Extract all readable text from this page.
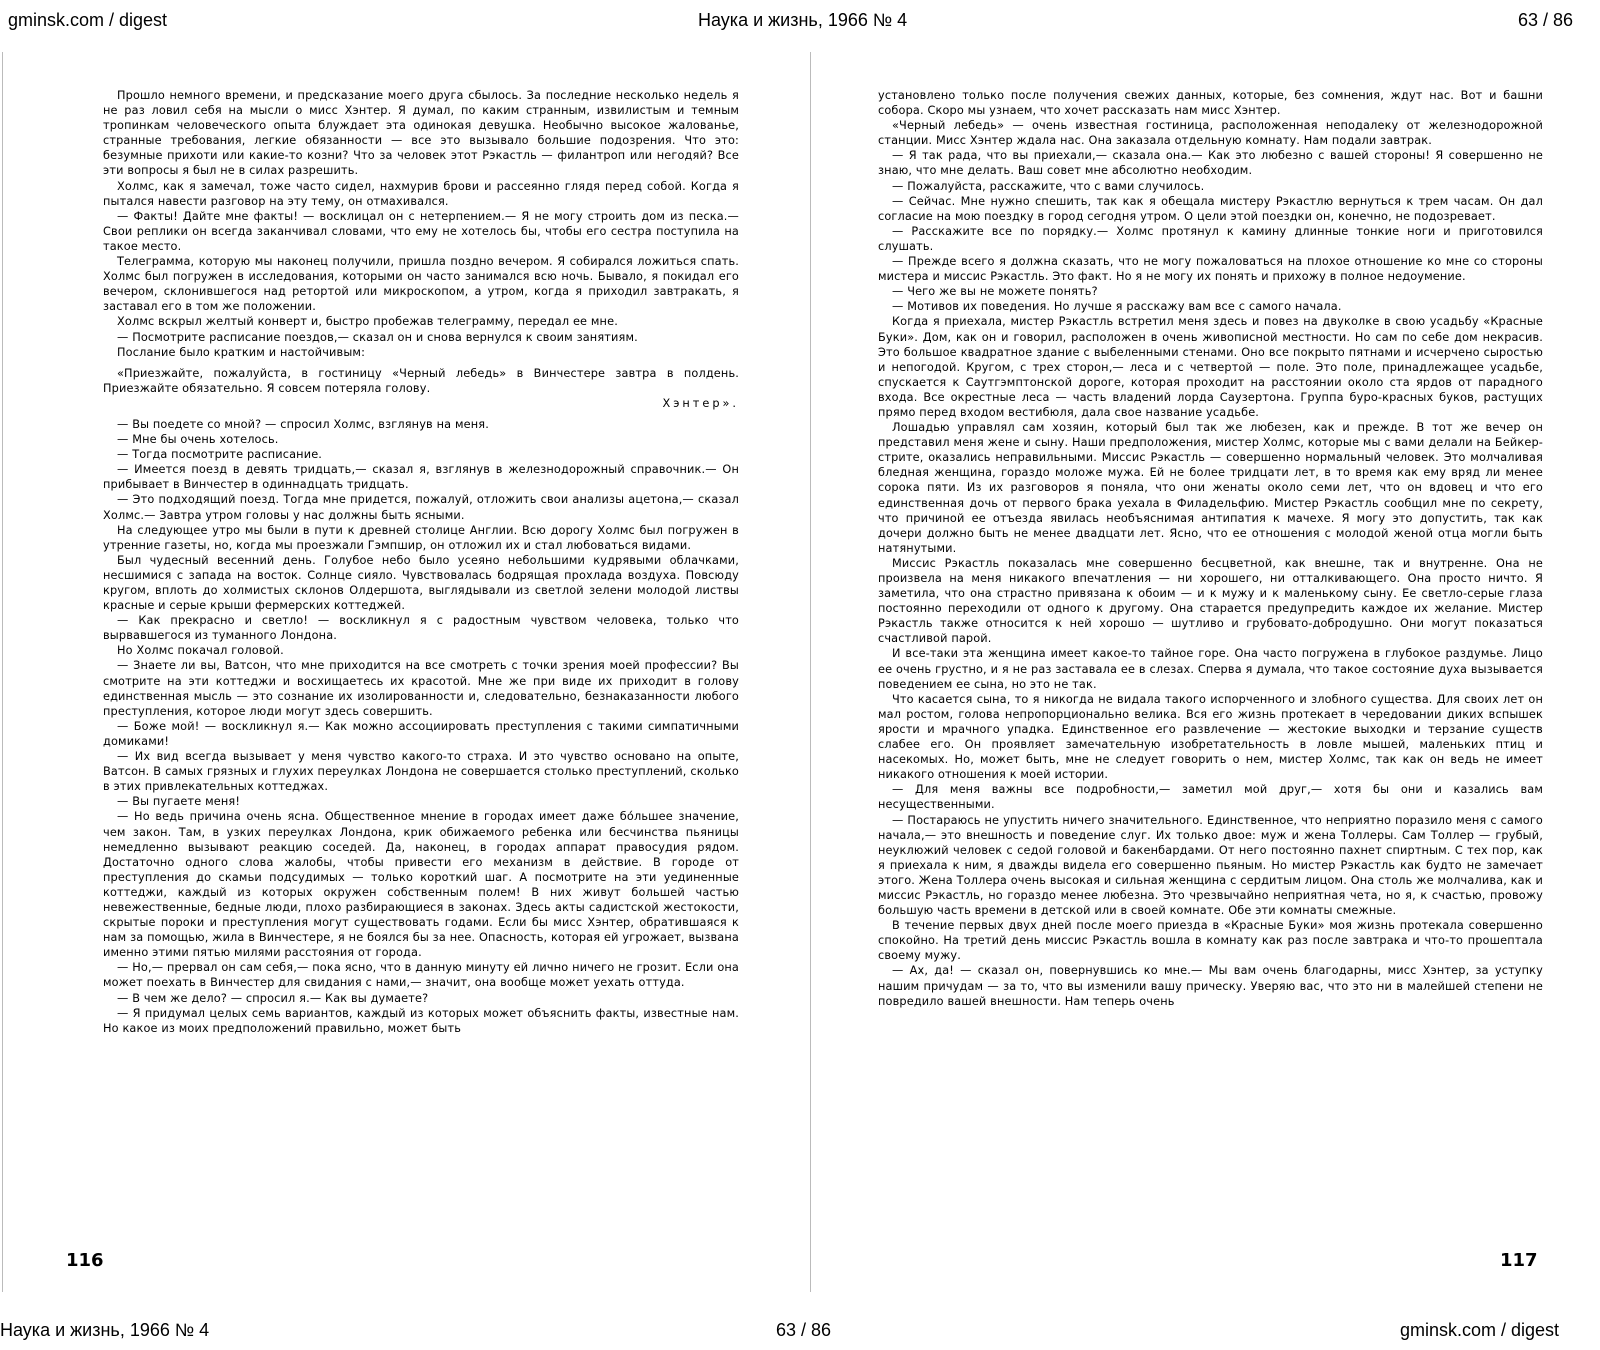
gminsk.com / digest	Наука и жизнь, 1966 № 4	63 / 86

Прошло немного времени, и предсказание моего друга сбылось. За последние несколько недель я не раз ловил себя на мысли о мисс Хэнтер. Я думал, по каким странным, извилистым и темным тропинкам человеческого опыта блуждает эта одинокая девушка. Необычно высокое жалованье, странные требования, легкие обязанности — все это вызывало большие подозрения. Что это: безумные прихоти или какие-то козни? Что за человек этот Рэкастль — филантроп или негодяй? Все эти вопросы я был не в силах разрешить.

Холмс, как я замечал, тоже часто сидел, нахмурив брови и рассеянно глядя перед собой. Когда я пытался навести разговор на эту тему, он отмахивался.

— Факты! Дайте мне факты! — восклицал он с нетерпением.— Я не могу строить дом из песка.— Свои реплики он всегда заканчивал словами, что ему не хотелось бы, чтобы его сестра поступила на такое место.

Телеграмма, которую мы наконец получили, пришла поздно вечером. Я собирался ложиться спать. Холмс был погружен в исследования, которыми он часто занимался всю ночь. Бывало, я покидал его вечером, склонившегося над ретортой или микроскопом, а утром, когда я приходил завтракать, я заставал его в том же положении.

Холмс вскрыл желтый конверт и, быстро пробежав телеграмму, передал ее мне.

— Посмотрите расписание поездов,— сказал он и снова вернулся к своим занятиям.

Послание было кратким и настойчивым:

«Приезжайте, пожалуйста, в гостиницу «Черный лебедь» в Винчестере завтра в полдень. Приезжайте обязательно. Я совсем потеряла голову.

Хэнтер».

— Вы поедете со мной? — спросил Холмс, взглянув на меня.

— Мне бы очень хотелось.

— Тогда посмотрите расписание.

— Имеется поезд в девять тридцать,— сказал я, взглянув в железнодорожный справочник.— Он прибывает в Винчестер в одиннадцать тридцать.

— Это подходящий поезд. Тогда мне придется, пожалуй, отложить свои анализы ацетона,— сказал Холмс.— Завтра утром головы у нас должны быть ясными.

На следующее утро мы были в пути к древней столице Англии. Всю дорогу Холмс был погружен в утренние газеты, но, когда мы проезжали Гэмпшир, он отложил их и стал любоваться видами.

Был чудесный весенний день. Голубое небо было усеяно небольшими кудрявыми облачками, несшимися с запада на восток. Солнце сияло. Чувствовалась бодрящая прохлада воздуха. Повсюду кругом, вплоть до холмистых склонов Олдершота, выглядывали из светлой зелени молодой листвы красные и серые крыши фермерских коттеджей.

— Как прекрасно и светло! — воскликнул я с радостным чувством человека, только что вырвавшегося из туманного Лондона.

Но Холмс покачал головой.

— Знаете ли вы, Ватсон, что мне приходится на все смотреть с точки зрения моей профессии? Вы смотрите на эти коттеджи и восхищаетесь их красотой. Мне же при виде их приходит в голову единственная мысль — это сознание их изолированности и, следовательно, безнаказанности любого преступления, которое люди могут здесь совершить.

— Боже мой! — воскликнул я.— Как можно ассоциировать преступления с такими симпатичными домиками!

— Их вид всегда вызывает у меня чувство какого-то страха. И это чувство основано на опыте, Ватсон. В самых грязных и глухих переулках Лондона не совершается столько преступлений, сколько в этих привлекательных коттеджах.

— Вы пугаете меня!

— Но ведь причина очень ясна. Общественное мнение в городах имеет даже бо́льшее значение, чем закон. Там, в узких переулках Лондона, крик обижаемого ребенка или бесчинства пьяницы немедленно вызывают реакцию соседей. Да, наконец, в городах аппарат правосудия рядом. Достаточно одного слова жалобы, чтобы привести его механизм в действие. В городе от преступления до скамьи подсудимых — только короткий шаг. А посмотрите на эти уединенные коттеджи, каждый из которых окружен собственным полем! В них живут большей частью невежественные, бедные люди, плохо разбирающиеся в законах. Здесь акты садистской жестокости, скрытые пороки и преступления могут существовать годами. Если бы мисс Хэнтер, обратившаяся к нам за помощью, жила в Винчестере, я не боялся бы за нее. Опасность, которая ей угрожает, вызвана именно этими пятью милями расстояния от города.

— Но,— прервал он сам себя,— пока ясно, что в данную минуту ей лично ничего не грозит. Если она может поехать в Винчестер для свидания с нами,— значит, она вообще может уехать оттуда.

— В чем же дело? — спросил я.— Как вы думаете?

— Я придумал целых семь вариантов, каждый из которых может объяснить факты, известные нам. Но какое из моих предположений правильно, может быть

116

установлено только после получения свежих данных, которые, без сомнения, ждут нас. Вот и башни собора. Скоро мы узнаем, что хочет рассказать нам мисс Хэнтер.

«Черный лебедь» — очень известная гостиница, расположенная неподалеку от железнодорожной станции. Мисс Хэнтер ждала нас. Она заказала отдельную комнату. Нам подали завтрак.

— Я так рада, что вы приехали,— сказала она.— Как это любезно с вашей стороны! Я совершенно не знаю, что мне делать. Ваш совет мне абсолютно необходим.

— Пожалуйста, расскажите, что с вами случилось.

— Сейчас. Мне нужно спешить, так как я обещала мистеру Рэкастлю вернуться к трем часам. Он дал согласие на мою поездку в город сегодня утром. О цели этой поездки он, конечно, не подозревает.

— Расскажите все по порядку.— Холмс протянул к камину длинные тонкие ноги и приготовился слушать.

— Прежде всего я должна сказать, что не могу пожаловаться на плохое отношение ко мне со стороны мистера и миссис Рэкастль. Это факт. Но я не могу их понять и прихожу в полное недоумение.

— Чего же вы не можете понять?

— Мотивов их поведения. Но лучше я расскажу вам все с самого начала.

Когда я приехала, мистер Рэкастль встретил меня здесь и повез на двуколке в свою усадьбу «Красные Буки». Дом, как он и говорил, расположен в очень живописной местности. Но сам по себе дом некрасив. Это большое квадратное здание с выбеленными стенами. Оно все покрыто пятнами и исчерчено сыростью и непогодой. Кругом, с трех сторон,— леса и с четвертой — поле. Это поле, принадлежащее усадьбе, спускается к Саутгэмптонской дороге, которая проходит на расстоянии около ста ярдов от парадного входа. Все окрестные леса — часть владений лорда Саузертона. Группа буро-красных буков, растущих прямо перед входом вестибюля, дала свое название усадьбе.

Лошадью управлял сам хозяин, который был так же любезен, как и прежде. В тот же вечер он представил меня жене и сыну. Наши предположения, мистер Холмс, которые мы с вами делали на Бейкер-стрите, оказались неправильными. Миссис Рэкастль — совершенно нормальный человек. Это молчаливая бледная женщина, гораздо моложе мужа. Ей не более тридцати лет, в то время как ему вряд ли менее сорока пяти. Из их разговоров я поняла, что они женаты около семи лет, что он вдовец и что его единственная дочь от первого брака уехала в Филадельфию. Мистер Рэкастль сообщил мне по секрету, что причиной ее отъезда явилась необъяснимая антипатия к мачехе. Я могу это допустить, так как дочери должно быть не менее двадцати лет. Ясно, что ее отношения с молодой женой отца могли быть натянутыми.

Миссис Рэкастль показалась мне совершенно бесцветной, как внешне, так и внутренне. Она не произвела на меня никакого впечатления — ни хорошего, ни отталкивающего. Она просто ничто. Я заметила, что она страстно привязана к обоим — и к мужу и к маленькому сыну. Ее светло-серые глаза постоянно переходили от одного к другому. Она старается предупредить каждое их желание. Мистер Рэкастль также относится к ней хорошо — шутливо и грубовато-добродушно. Они могут показаться счастливой парой.

И все-таки эта женщина имеет какое-то тайное горе. Она часто погружена в глубокое раздумье. Лицо ее очень грустно, и я не раз заставала ее в слезах. Сперва я думала, что такое состояние духа вызывается поведением ее сына, но это не так.

Что касается сына, то я никогда не видала такого испорченного и злобного существа. Для своих лет он мал ростом, голова непропорционально велика. Вся его жизнь протекает в чередовании диких вспышек ярости и мрачного упадка. Единственное его развлечение — жестокие выходки и терзание существ слабее его. Он проявляет замечательную изобретательность в ловле мышей, маленьких птиц и насекомых. Но, может быть, мне не следует говорить о нем, мистер Холмс, так как он ведь не имеет никакого отношения к моей истории.

— Для меня важны все подробности,— заметил мой друг,— хотя бы они и казались вам несущественными.

— Постараюсь не упустить ничего значительного. Единственное, что неприятно поразило меня с самого начала,— это внешность и поведение слуг. Их только двое: муж и жена Толлеры. Сам Толлер — грубый, неуклюжий человек с седой головой и бакенбардами. От него постоянно пахнет спиртным. С тех пор, как я приехала к ним, я дважды видела его совершенно пьяным. Но мистер Рэкастль как будто не замечает этого. Жена Толлера очень высокая и сильная женщина с сердитым лицом. Она столь же молчалива, как и миссис Рэкастль, но гораздо менее любезна. Это чрезвычайно неприятная чета, но я, к счастью, провожу большую часть времени в детской или в своей комнате. Обе эти комнаты смежные.

В течение первых двух дней после моего приезда в «Красные Буки» моя жизнь протекала совершенно спокойно. На третий день миссис Рэкастль вошла в комнату как раз после завтрака и что-то прошептала своему мужу.

— Ах, да! — сказал он, повернувшись ко мне.— Мы вам очень благодарны, мисс Хэнтер, за уступку нашим причудам — за то, что вы изменили вашу прическу. Уверяю вас, что это ни в малейшей степени не повредило вашей внешности. Нам теперь очень

117
Наука и жизнь, 1966 № 4	63 / 86	gminsk.com / digest
